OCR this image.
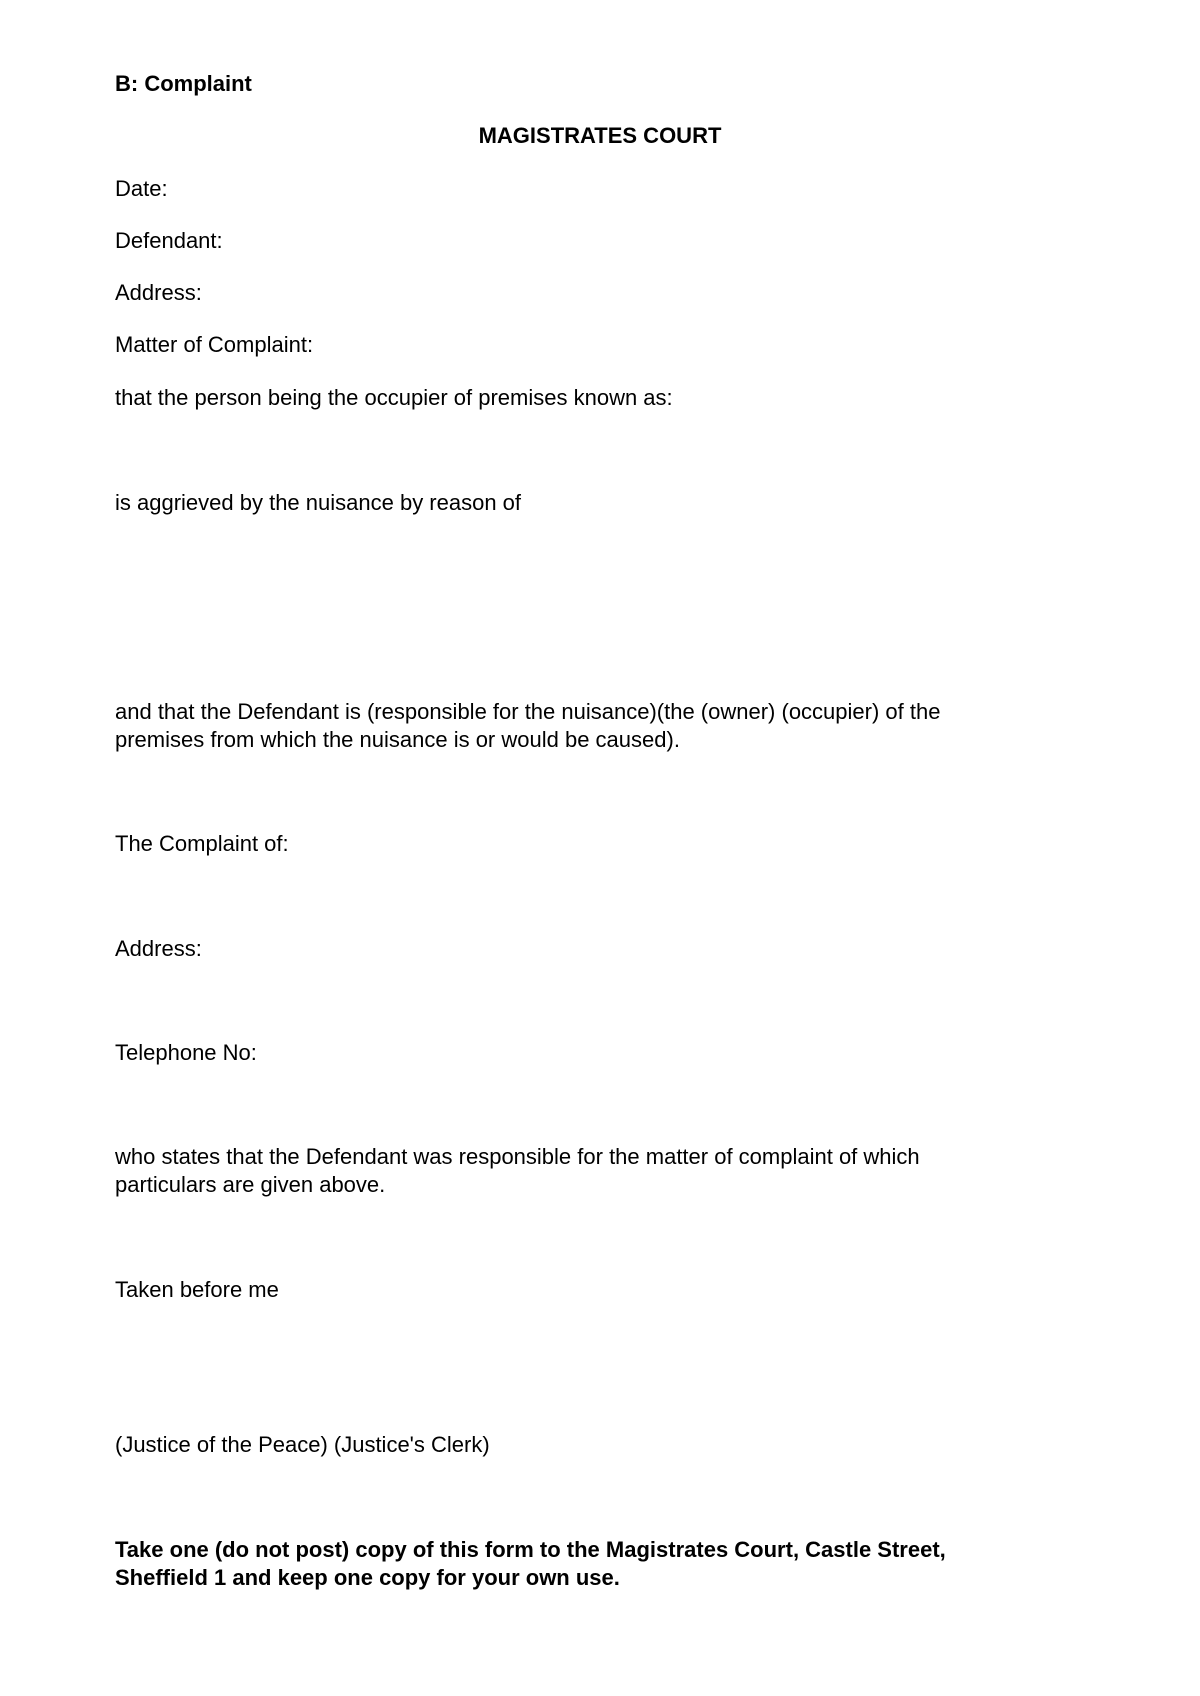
B: Complaint
MAGISTRATES COURT
Date:
Defendant:
Address:
Matter of Complaint:
that the person being the occupier of premises known as:
is aggrieved by the nuisance by reason of
and that the Defendant is (responsible for the nuisance)(the (owner) (occupier) of the
premises from which the nuisance is or would be caused).
The Complaint of:
Address:
Telephone No:
who states that the Defendant was responsible for the matter of complaint of which
particulars are given above.
Taken before me
(Justice of the Peace) (Justice's Clerk)
Take one (do not post) copy of this form to the Magistrates Court, Castle Street,
Sheffield 1 and keep one copy for your own use.
